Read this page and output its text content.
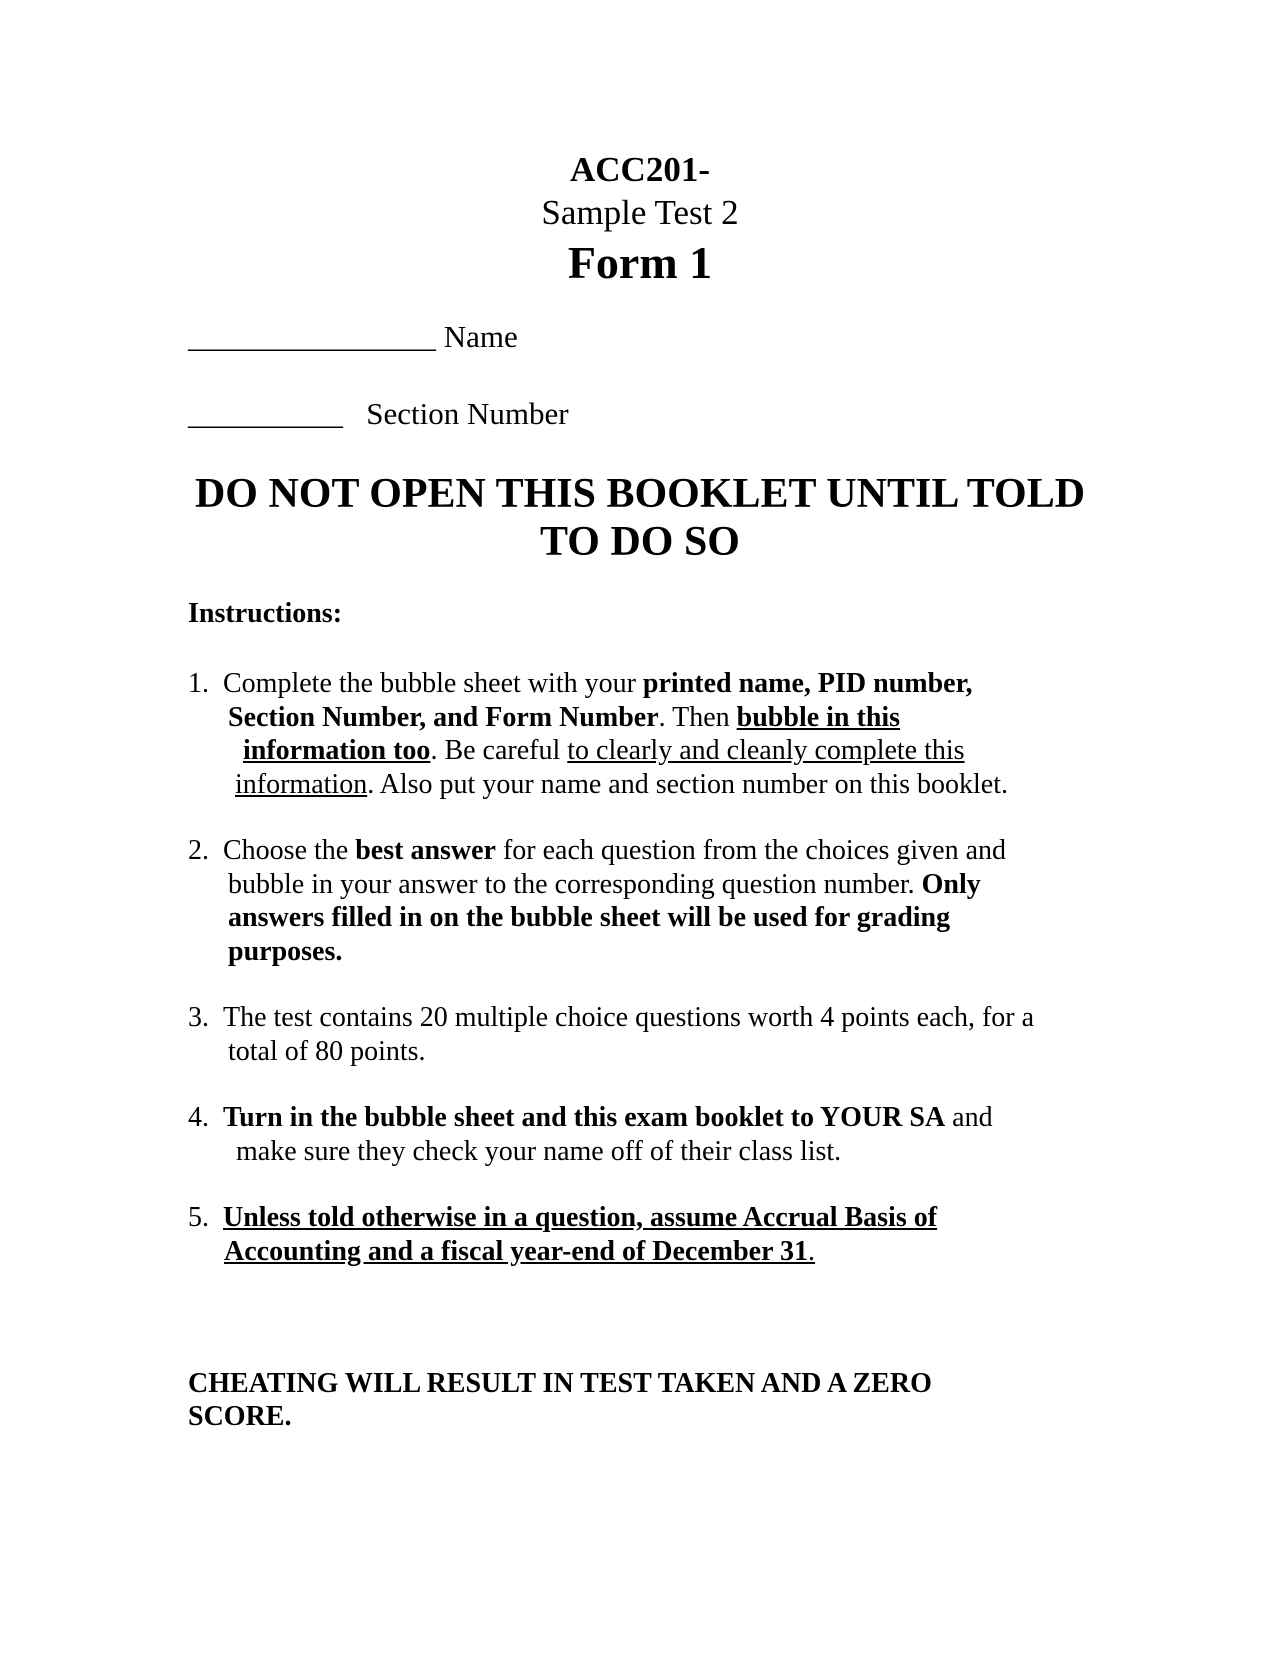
ACC201-
Sample Test 2
Form 1
________________ Name
__________ Section Number
DO NOT OPEN THIS BOOKLET UNTIL TOLD
TO DO SO
Instructions:
1. Complete the bubble sheet with your printed name, PID number,
Section Number, and Form Number. Then bubble in this
information too. Be careful to clearly and cleanly complete this
information. Also put your name and section number on this booklet.
2. Choose the best answer for each question from the choices given and
bubble in your answer to the corresponding question number. Only
answers filled in on the bubble sheet will be used for grading
purposes.
3. The test contains 20 multiple choice questions worth 4 points each, for a
total of 80 points.
4. Turn in the bubble sheet and this exam booklet to YOUR SA and
make sure they check your name off of their class list.
5. Unless told otherwise in a question, assume Accrual Basis of
Accounting and a fiscal year-end of December 31.
CHEATING WILL RESULT IN TEST TAKEN AND A ZERO
SCORE.
